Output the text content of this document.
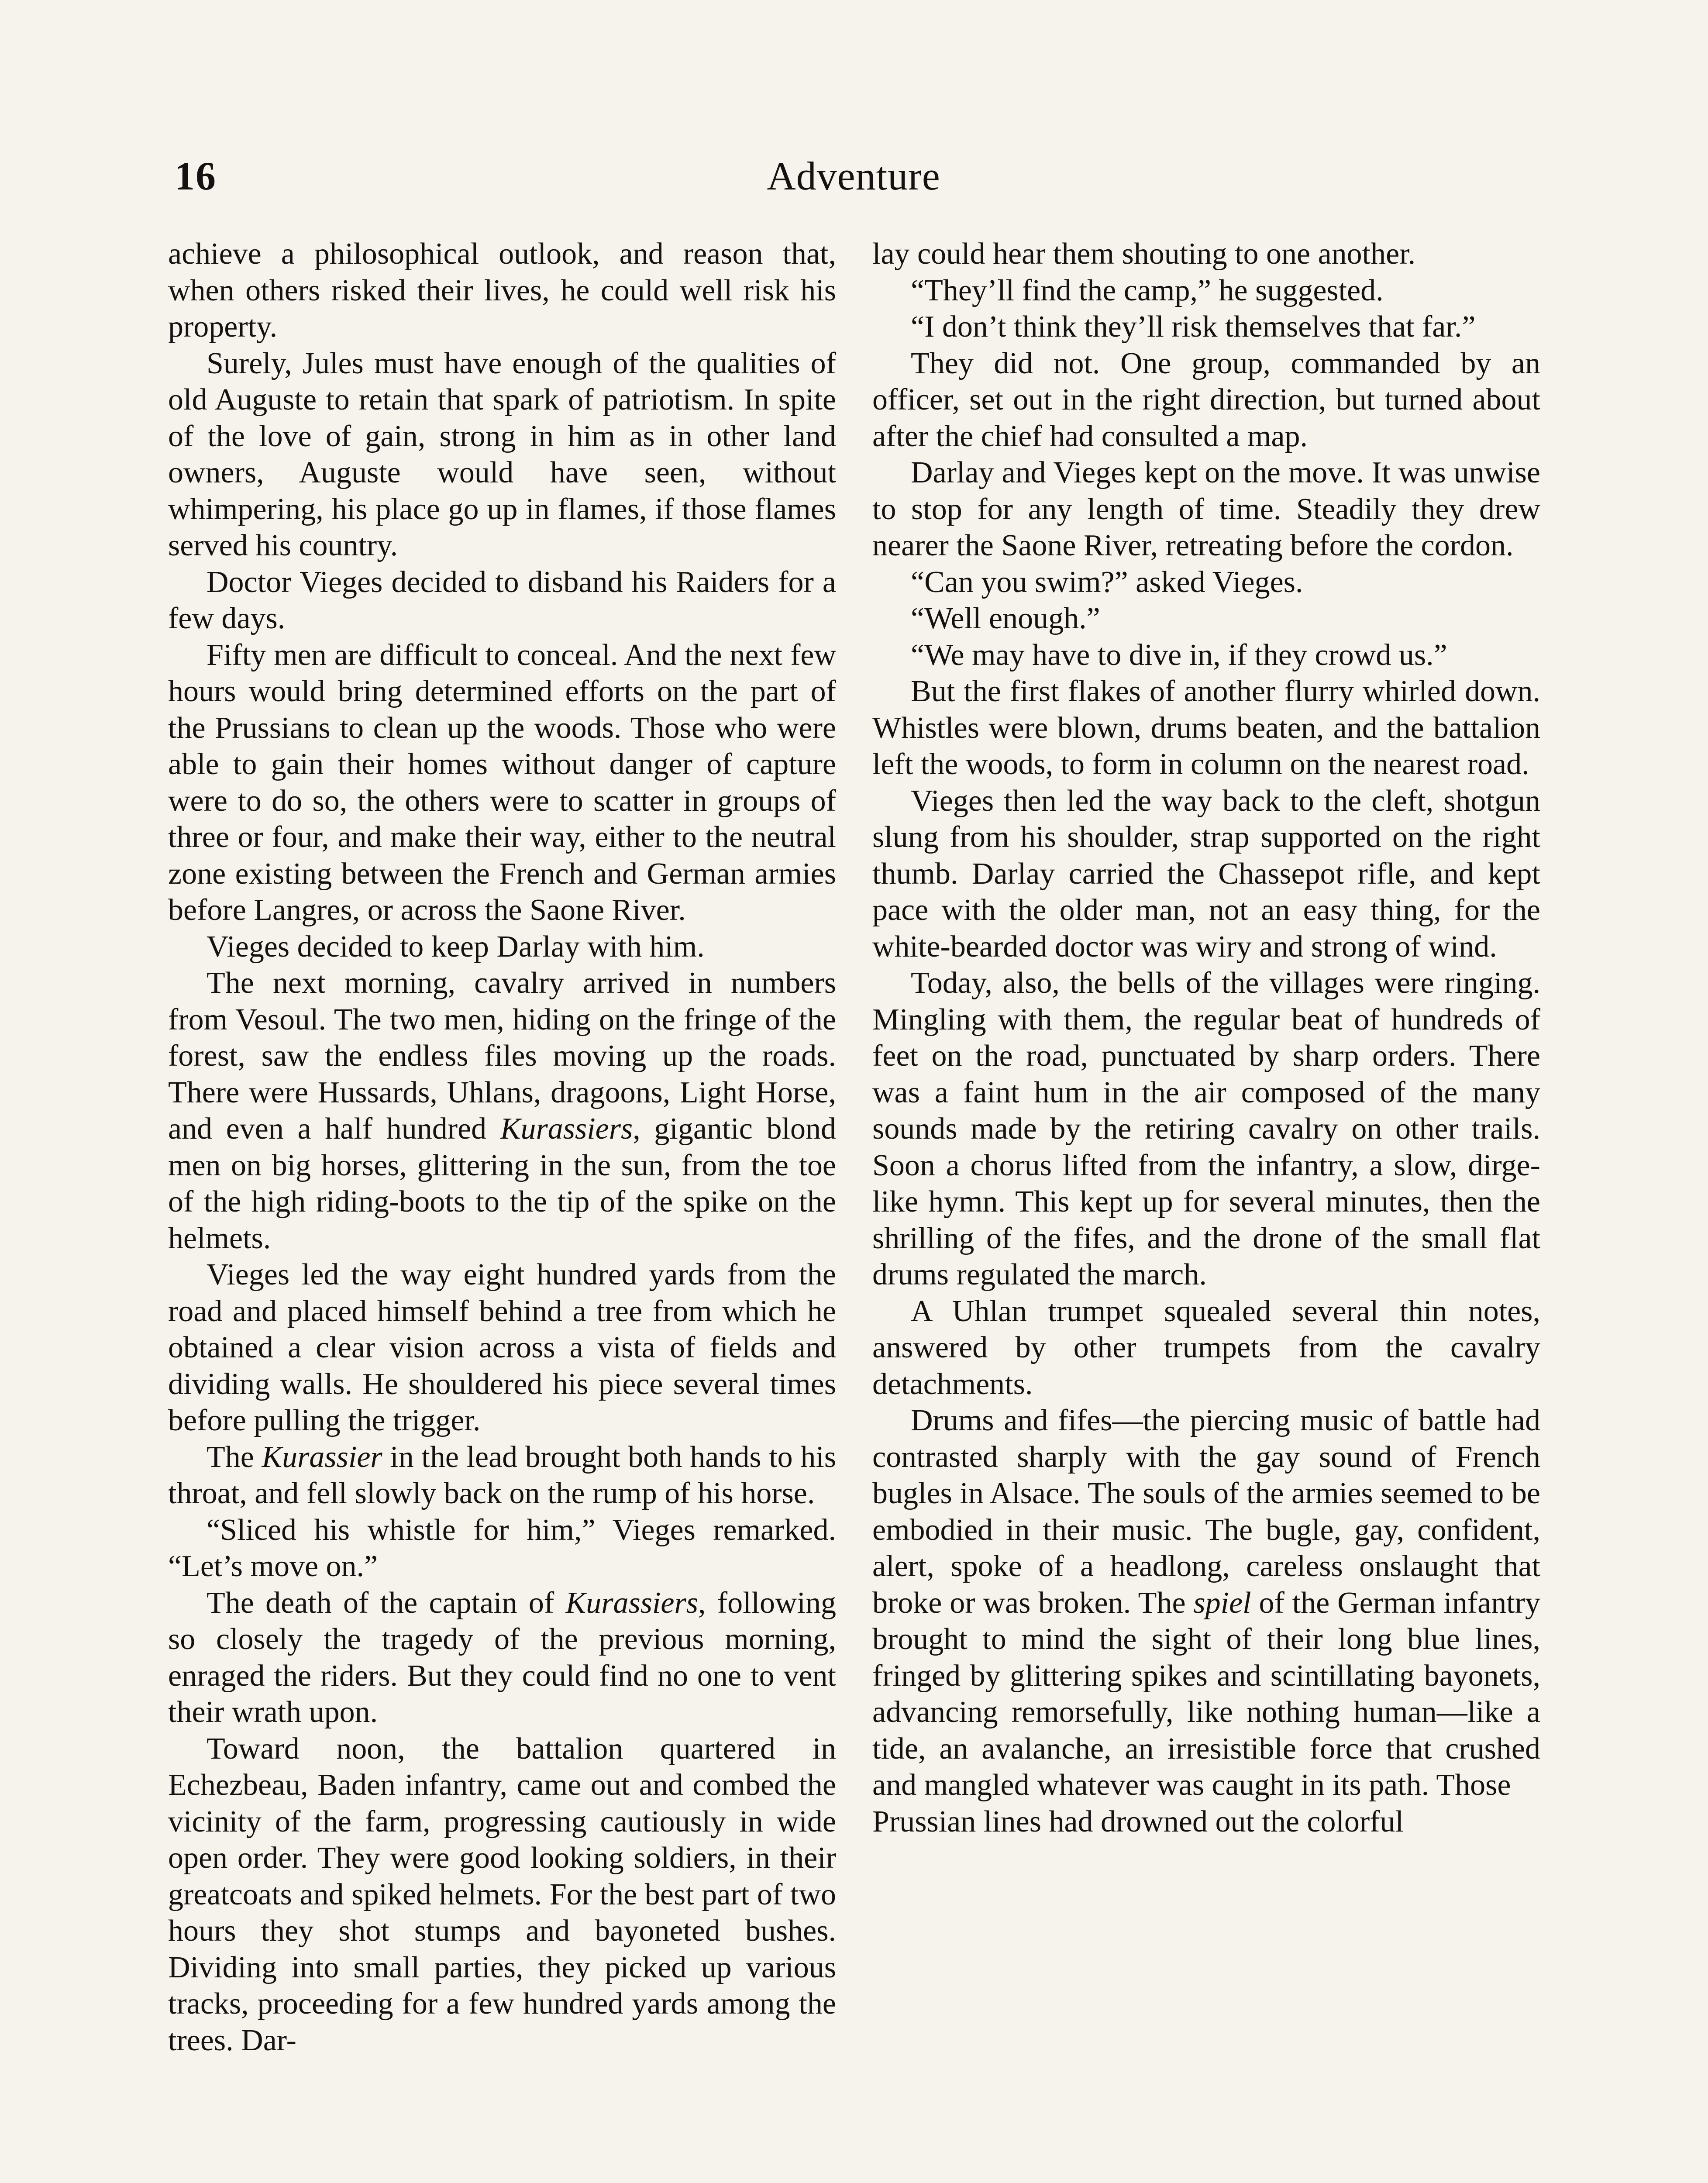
16	Adventure

achieve a philosophical outlook, and reason that, when others risked their lives, he could well risk his property.

Surely, Jules must have enough of the qualities of old Auguste to retain that spark of patriotism. In spite of the love of gain, strong in him as in other land owners, Auguste would have seen, without whimpering, his place go up in flames, if those flames served his country.

Doctor Vieges decided to disband his Raiders for a few days.

Fifty men are difficult to conceal. And the next few hours would bring determined efforts on the part of the Prussians to clean up the woods. Those who were able to gain their homes without danger of capture were to do so, the others were to scatter in groups of three or four, and make their way, either to the neutral zone existing between the French and German armies before Langres, or across the Saone River.

Vieges decided to keep Darlay with him.

The next morning, cavalry arrived in numbers from Vesoul. The two men, hiding on the fringe of the forest, saw the endless files moving up the roads. There were Hussards, Uhlans, dragoons, Light Horse, and even a half hundred Kurassiers, gigantic blond men on big horses, glittering in the sun, from the toe of the high riding-boots to the tip of the spike on the helmets.

Vieges led the way eight hundred yards from the road and placed himself behind a tree from which he obtained a clear vision across a vista of fields and dividing walls. He shouldered his piece several times before pulling the trigger.

The Kurassier in the lead brought both hands to his throat, and fell slowly back on the rump of his horse.

“Sliced his whistle for him,” Vieges remarked. “Let’s move on.”

The death of the captain of Kurassiers, following so closely the tragedy of the previous morning, enraged the riders. But they could find no one to vent their wrath upon.

Toward noon, the battalion quartered in Echezbeau, Baden infantry, came out and combed the vicinity of the farm, progressing cautiously in wide open order. They were good looking soldiers, in their greatcoats and spiked helmets. For the best part of two hours they shot stumps and bayoneted bushes. Dividing into small parties, they picked up various tracks, proceeding for a few hundred yards among the trees. Dar-

lay could hear them shouting to one another.

“They’ll find the camp,” he suggested.

“I don’t think they’ll risk themselves that far.”

They did not. One group, commanded by an officer, set out in the right direction, but turned about after the chief had consulted a map.

Darlay and Vieges kept on the move. It was unwise to stop for any length of time. Steadily they drew nearer the Saone River, retreating before the cordon.

“Can you swim?” asked Vieges.

“Well enough.”

“We may have to dive in, if they crowd us.”

But the first flakes of another flurry whirled down. Whistles were blown, drums beaten, and the battalion left the woods, to form in column on the nearest road.

Vieges then led the way back to the cleft, shotgun slung from his shoulder, strap supported on the right thumb. Darlay carried the Chassepot rifle, and kept pace with the older man, not an easy thing, for the white-bearded doctor was wiry and strong of wind.

Today, also, the bells of the villages were ringing. Mingling with them, the regular beat of hundreds of feet on the road, punctuated by sharp orders. There was a faint hum in the air composed of the many sounds made by the retiring cavalry on other trails. Soon a chorus lifted from the infantry, a slow, dirge-like hymn. This kept up for several minutes, then the shrilling of the fifes, and the drone of the small flat drums regulated the march.

A Uhlan trumpet squealed several thin notes, answered by other trumpets from the cavalry detachments.

Drums and fifes—the piercing music of battle had contrasted sharply with the gay sound of French bugles in Alsace. The souls of the armies seemed to be embodied in their music. The bugle, gay, confident, alert, spoke of a headlong, careless onslaught that broke or was broken. The spiel of the German infantry brought to mind the sight of their long blue lines, fringed by glittering spikes and scintillating bayonets, advancing remorsefully, like nothing human—like a tide, an avalanche, an irresistible force that crushed and mangled whatever was caught in its path. Those

Prussian lines had drowned out the colorful
